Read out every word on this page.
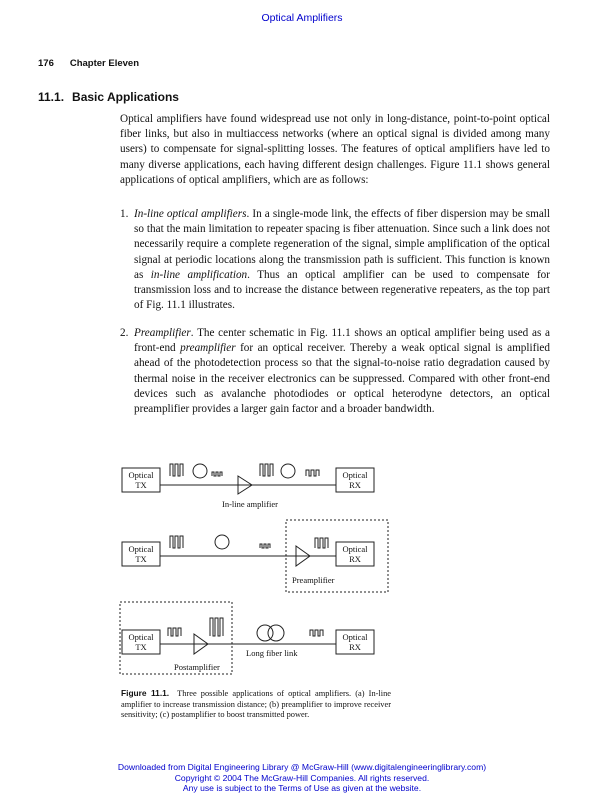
Optical Amplifiers
176 Chapter Eleven
11.1. Basic Applications

Optical amplifiers have found widespread use not only in long-distance, point-to-point optical fiber links, but also in multiaccess networks (where an optical signal is divided among many users) to compensate for signal-splitting losses. The features of optical amplifiers have led to many diverse applications, each having different design challenges. Figure 11.1 shows general applications of optical amplifiers, which are as follows:

1. In-line optical amplifiers. In a single-mode link, the effects of fiber dispersion may be small so that the main limitation to repeater spacing is fiber attenuation. Since such a link does not necessarily require a complete regeneration of the signal, simple amplification of the optical signal at periodic locations along the transmission path is sufficient. This function is known as in-line amplification. Thus an optical amplifier can be used to compensate for transmission loss and to increase the distance between regenerative repeaters, as the top part of Fig. 11.1 illustrates.

2. Preamplifier. The center schematic in Fig. 11.1 shows an optical amplifier being used as a front-end preamplifier for an optical receiver. Thereby a weak optical signal is amplified ahead of the photodetection process so that the signal-to-noise ratio degradation caused by thermal noise in the receiver electronics can be suppressed. Compared with other front-end devices such as avalanche photodiodes or optical heterodyne detectors, an optical preamplifier provides a larger gain factor and a broader bandwidth.

Optical
TX
Optical
RX
In-line amplifier
Optical
TX
Optical
RX
Preamplifier
Optical
TX
Optical
RX
Postamplifier
Long fiber link
Figure 11.1. Three possible applications of optical amplifiers. (a) In-line amplifier to increase transmission distance; (b) preamplifier to improve receiver sensitivity; (c) postamplifier to boost transmitted power.
Downloaded from Digital Engineering Library @ McGraw-Hill (www.digitalengineeringlibrary.com)
Copyright © 2004 The McGraw-Hill Companies. All rights reserved.
Any use is subject to the Terms of Use as given at the website.
